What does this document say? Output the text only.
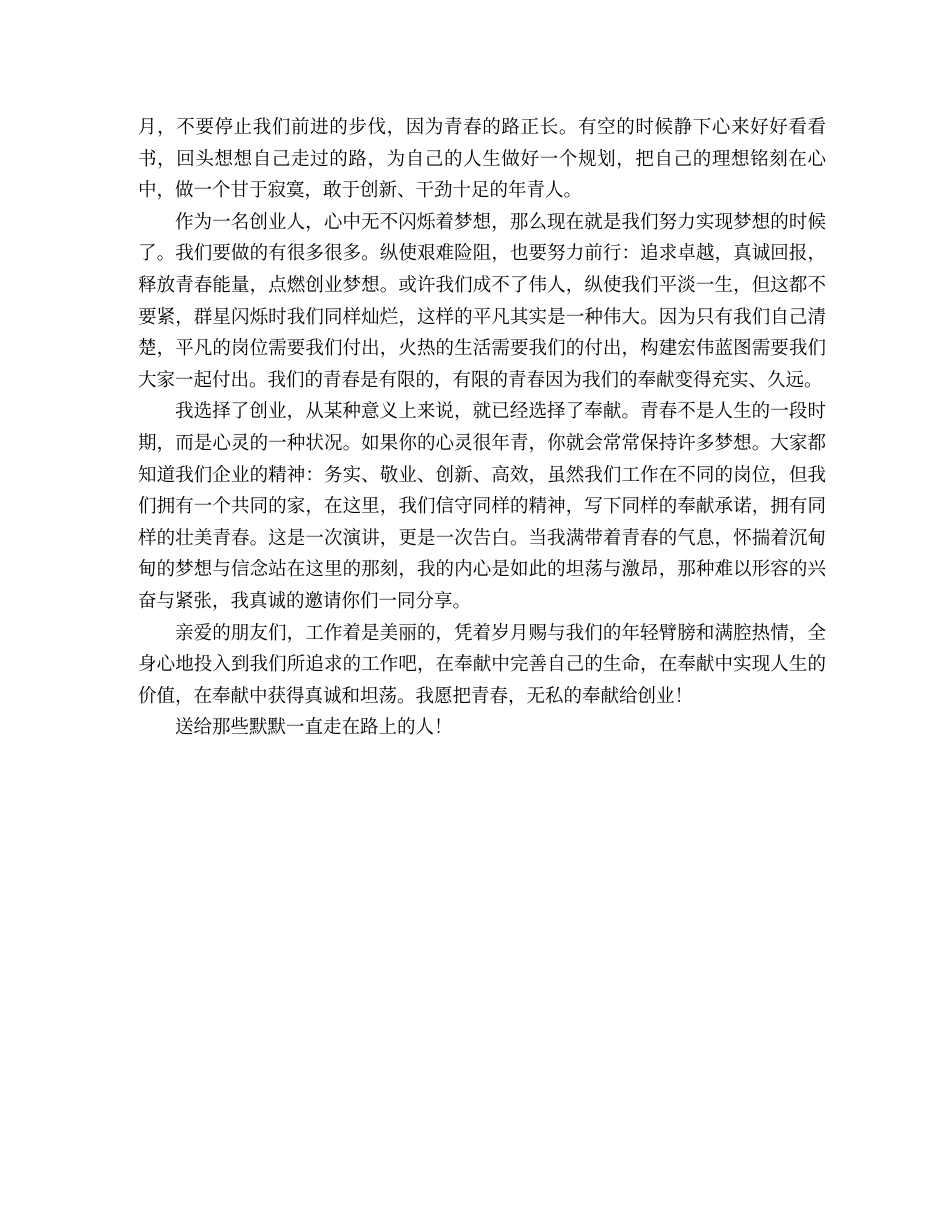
月，不要停止我们前进的步伐，因为青春的路正长。有空的时候静下心来好好看看书，回头想想自己走过的路，为自己的人生做好一个规划，把自己的理想铭刻在心中，做一个甘于寂寞，敢于创新、干劲十足的年青人。

作为一名创业人，心中无不闪烁着梦想，那么现在就是我们努力实现梦想的时候了。我们要做的有很多很多。纵使艰难险阻，也要努力前行：追求卓越，真诚回报，释放青春能量，点燃创业梦想。或许我们成不了伟人，纵使我们平淡一生，但这都不要紧，群星闪烁时我们同样灿烂，这样的平凡其实是一种伟大。因为只有我们自己清楚，平凡的岗位需要我们付出，火热的生活需要我们的付出，构建宏伟蓝图需要我们大家一起付出。我们的青春是有限的，有限的青春因为我们的奉献变得充实、久远。

我选择了创业，从某种意义上来说，就已经选择了奉献。青春不是人生的一段时期，而是心灵的一种状况。如果你的心灵很年青，你就会常常保持许多梦想。大家都知道我们企业的精神：务实、敬业、创新、高效，虽然我们工作在不同的岗位，但我们拥有一个共同的家，在这里，我们信守同样的精神，写下同样的奉献承诺，拥有同样的壮美青春。这是一次演讲，更是一次告白。当我满带着青春的气息，怀揣着沉甸甸的梦想与信念站在这里的那刻，我的内心是如此的坦荡与激昂，那种难以形容的兴奋与紧张，我真诚的邀请你们一同分享。

亲爱的朋友们，工作着是美丽的，凭着岁月赐与我们的年轻臂膀和满腔热情，全身心地投入到我们所追求的工作吧，在奉献中完善自己的生命，在奉献中实现人生的价值，在奉献中获得真诚和坦荡。我愿把青春，无私的奉献给创业！

送给那些默默一直走在路上的人！
